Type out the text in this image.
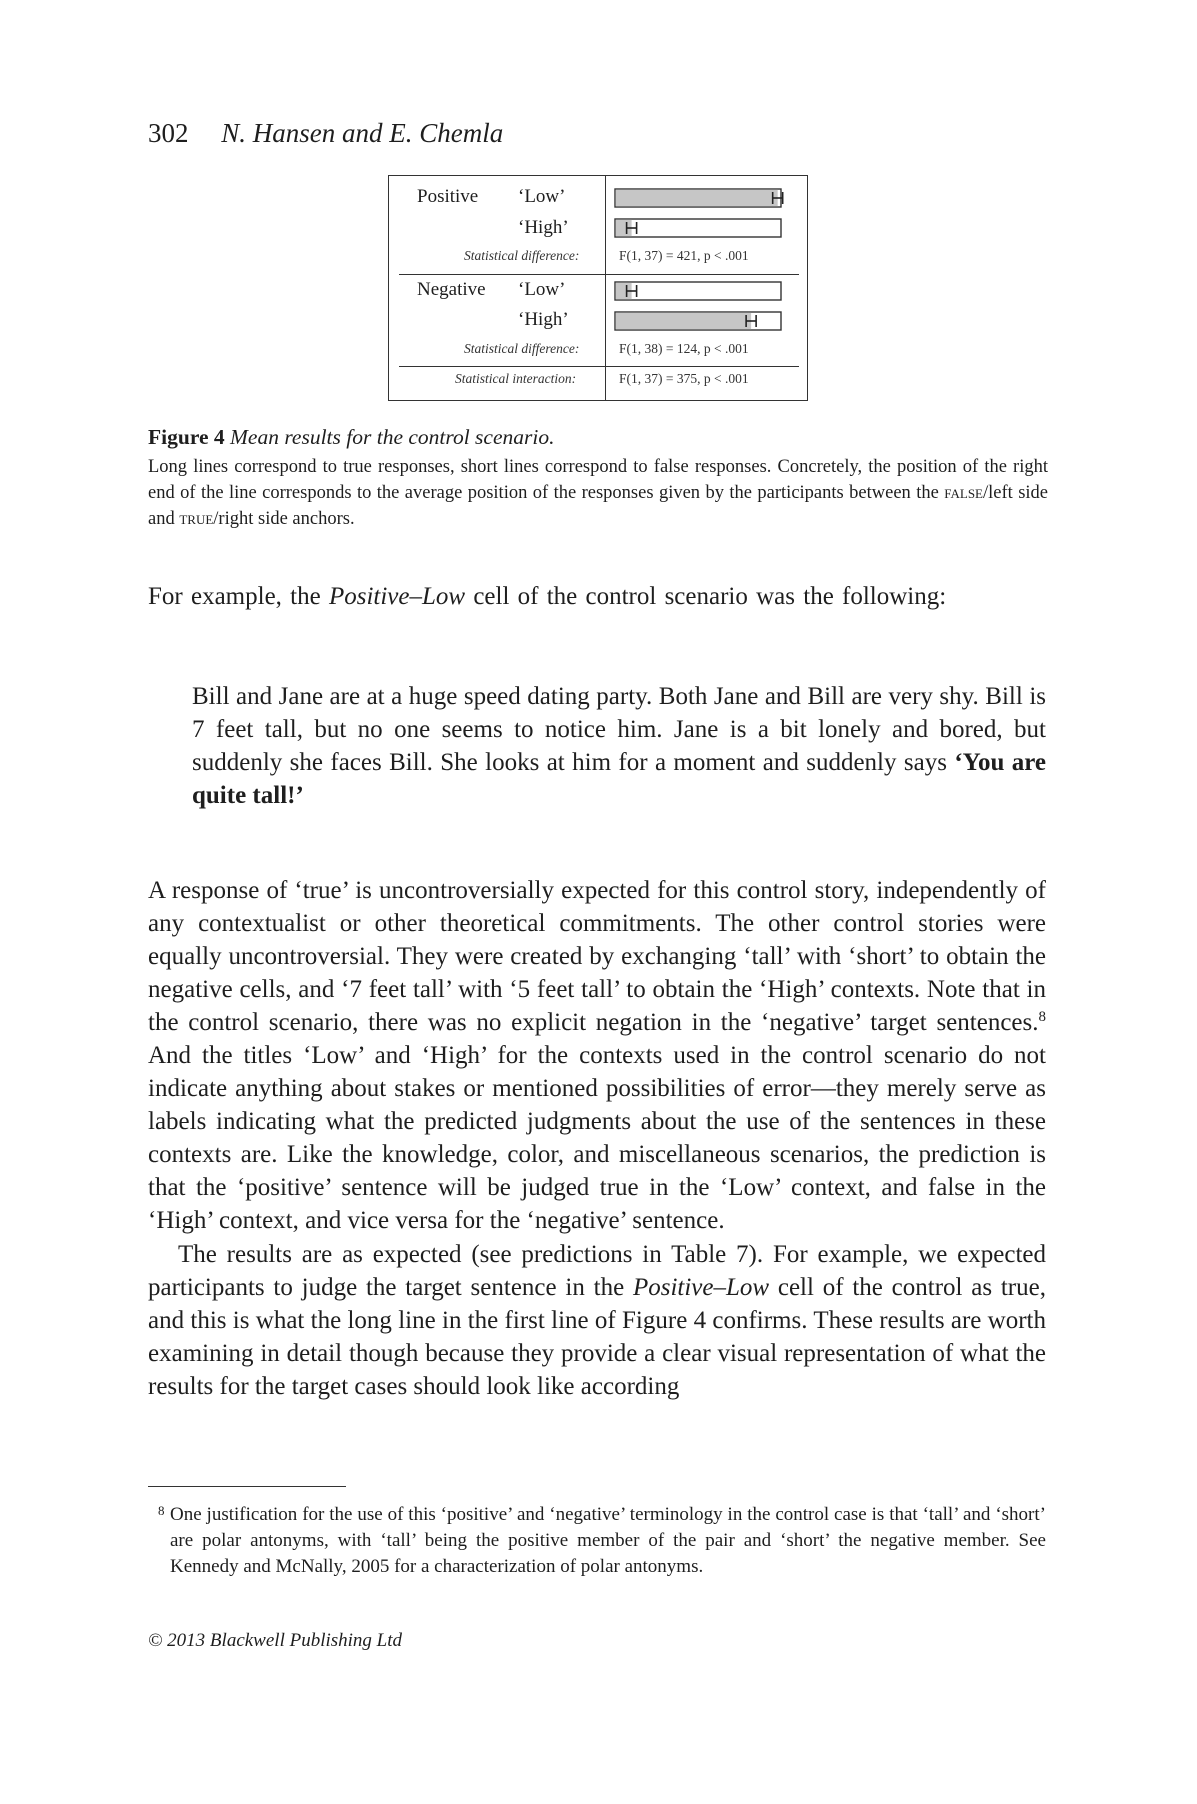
302 N. Hansen and E. Chemla
Positive ‘Low’
‘High’
Statistical difference:	F(1, 37) = 421, p < .001
Negative ‘Low’
‘High’
Statistical difference:	F(1, 38) = 124, p < .001
Statistical interaction:	F(1, 37) = 375, p < .001
Figure 4 Mean results for the control scenario.
Long lines correspond to true responses, short lines correspond to false responses. Concretely, the position of the right end of the line corresponds to the average position of the responses given by the participants between the false/left side and true/right side anchors.

For example, the Positive–Low cell of the control scenario was the following:

Bill and Jane are at a huge speed dating party. Both Jane and Bill are very shy. Bill is 7 feet tall, but no one seems to notice him. Jane is a bit lonely and bored, but suddenly she faces Bill. She looks at him for a moment and suddenly says ‘You are quite tall!’

A response of ‘true’ is uncontroversially expected for this control story, independently of any contextualist or other theoretical commitments. The other control stories were equally uncontroversial. They were created by exchanging ‘tall’ with ‘short’ to obtain the negative cells, and ‘7 feet tall’ with ‘5 feet tall’ to obtain the ‘High’ contexts. Note that in the control scenario, there was no explicit negation in the ‘negative’ target sentences.$^8$ And the titles ‘Low’ and ‘High’ for the contexts used in the control scenario do not indicate anything about stakes or mentioned possibilities of error—they merely serve as labels indicating what the predicted judgments about the use of the sentences in these contexts are. Like the knowledge, color, and miscellaneous scenarios, the prediction is that the ‘positive’ sentence will be judged true in the ‘Low’ context, and false in the ‘High’ context, and vice versa for the ‘negative’ sentence.

The results are as expected (see predictions in Table 7). For example, we expected participants to judge the target sentence in the Positive–Low cell of the control as true, and this is what the long line in the first line of Figure 4 confirms. These results are worth examining in detail though because they provide a clear visual representation of what the results for the target cases should look like according

8 One justification for the use of this ‘positive’ and ‘negative’ terminology in the control case is that ‘tall’ and ‘short’ are polar antonyms, with ‘tall’ being the positive member of the pair and ‘short’ the negative member. See Kennedy and McNally, 2005 for a characterization of polar antonyms.

© 2013 Blackwell Publishing Ltd
